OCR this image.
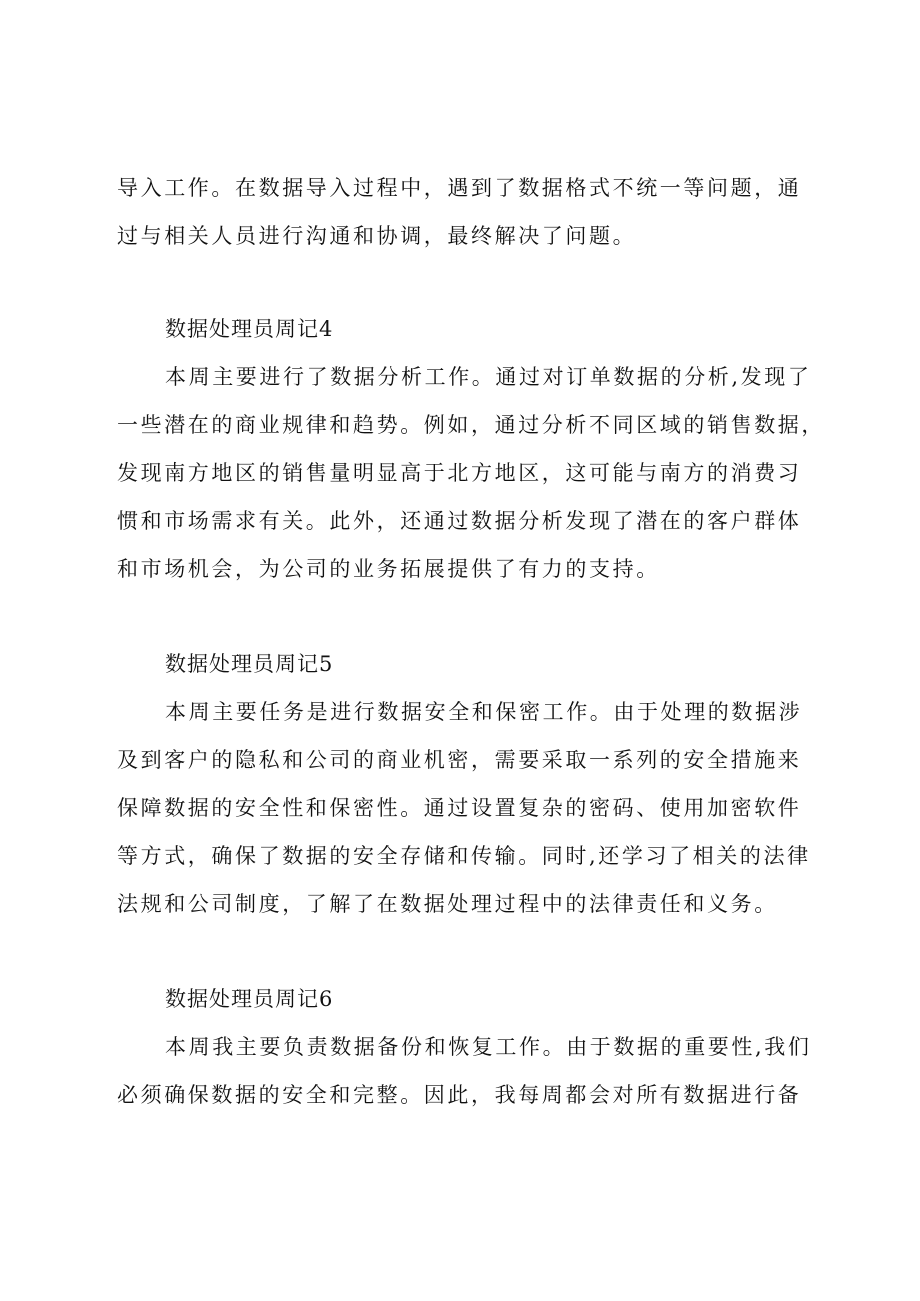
导入工作。在数据导入过程中，遇到了数据格式不统一等问题，通
过与相关人员进行沟通和协调，最终解决了问题。
数据处理员周记4
本周主要进行了数据分析工作。通过对订单数据的分析,发现了
一些潜在的商业规律和趋势。例如，通过分析不同区域的销售数据，
发现南方地区的销售量明显高于北方地区，这可能与南方的消费习
惯和市场需求有关。此外，还通过数据分析发现了潜在的客户群体
和市场机会，为公司的业务拓展提供了有力的支持。
数据处理员周记5
本周主要任务是进行数据安全和保密工作。由于处理的数据涉
及到客户的隐私和公司的商业机密，需要采取一系列的安全措施来
保障数据的安全性和保密性。通过设置复杂的密码、使用加密软件
等方式，确保了数据的安全存储和传输。同时,还学习了相关的法律
法规和公司制度，了解了在数据处理过程中的法律责任和义务。
数据处理员周记6
本周我主要负责数据备份和恢复工作。由于数据的重要性,我们
必须确保数据的安全和完整。因此，我每周都会对所有数据进行备
